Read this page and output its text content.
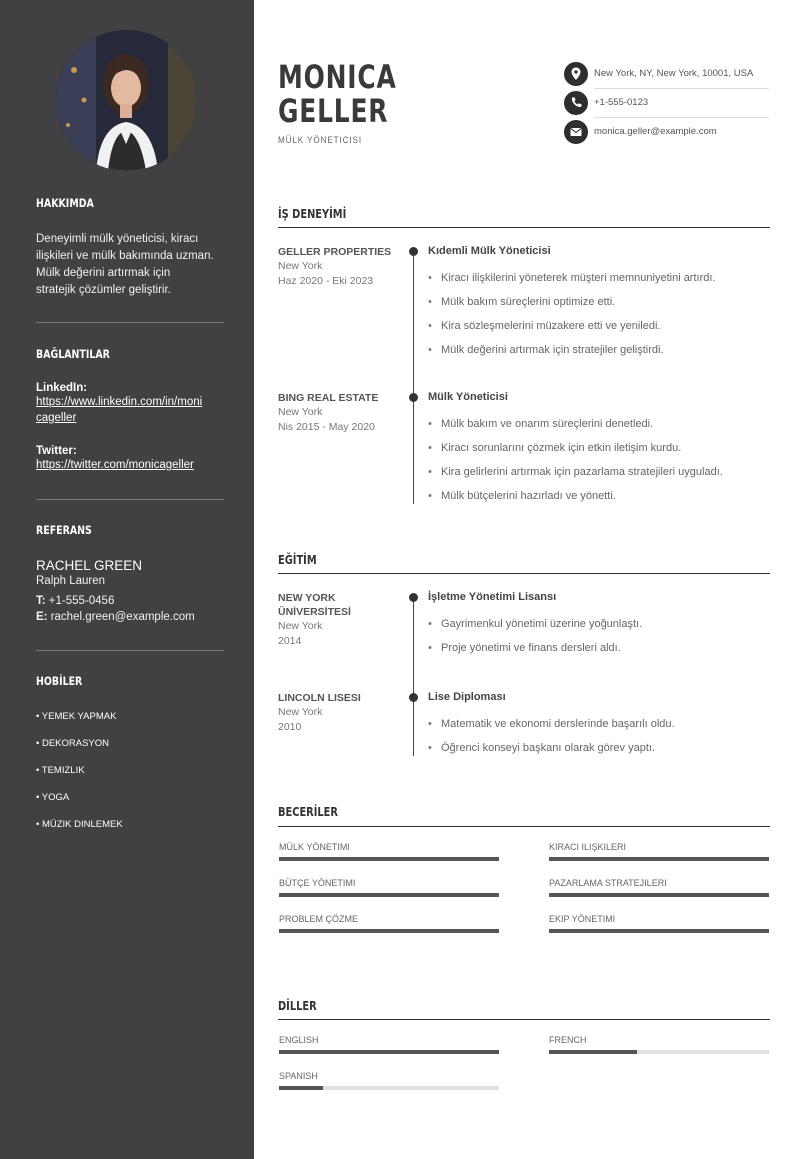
HAKKIMDA
Deneyimli mülk yöneticisi, kiracı
ilişkileri ve mülk bakımında uzman.
Mülk değerini artırmak için
stratejik çözümler geliştirir.
BAĞLANTILAR
LinkedIn:
https://www.linkedin.com/in/moni
cageller
Twitter:
https://twitter.com/monicageller
REFERANS
RACHEL GREEN
Ralph Lauren
T: +1-555-0456
E: rachel.green@example.com
HOBİLER
• YEMEK YAPMAK
• DEKORASYON
• TEMIZLIK
• YOGA
• MÜZIK DINLEMEK
MONICA
GELLER
MÜLK YÖNETICISI
New York, NY, New York, 10001, USA
+1-555-0123
monica.geller@example.com
İŞ DENEYİMİ
GELLER PROPERTIES
New York
Haz 2020 - Eki 2023
Kıdemli Mülk Yöneticisi
• Kiracı ilişkilerini yöneterek müşteri memnuniyetini artırdı.
• Mülk bakım süreçlerini optimize etti.
• Kira sözleşmelerini müzakere etti ve yeniledi.
• Mülk değerini artırmak için stratejiler geliştirdi.
BING REAL ESTATE
New York
Nis 2015 - May 2020
Mülk Yöneticisi
• Mülk bakım ve onarım süreçlerini denetledi.
• Kiracı sorunlarını çözmek için etkin iletişim kurdu.
• Kira gelirlerini artırmak için pazarlama stratejileri uyguladı.
• Mülk bütçelerini hazırladı ve yönetti.
EĞİTİM
NEW YORK
ÜNİVERSİTESİ
New York
2014
İşletme Yönetimi Lisansı
• Gayrimenkul yönetimi üzerine yoğunlaştı.
• Proje yönetimi ve finans dersleri aldı.
LINCOLN LISESI
New York
2010
Lise Diploması
• Matematik ve ekonomi derslerinde başarılı oldu.
• Öğrenci konseyi başkanı olarak görev yaptı.
BECERİLER
MÜLK YÖNETIMI	KIRACI ILIŞKILERI
BÜTÇE YÖNETIMI	PAZARLAMA STRATEJILERI
PROBLEM ÇÖZME	EKIP YÖNETIMI
DİLLER
ENGLISH	FRENCH
SPANISH
